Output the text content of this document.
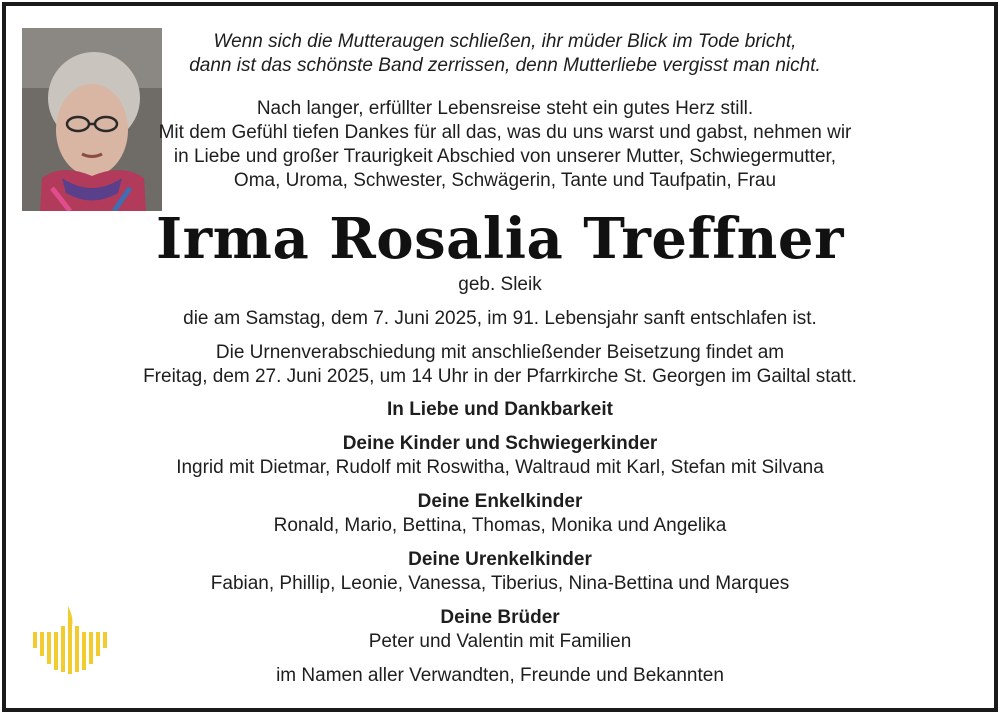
Wenn sich die Mutteraugen schließen, ihr müder Blick im Tode bricht,
dann ist das schönste Band zerrissen, denn Mutterliebe vergisst man nicht.
Nach langer, erfüllter Lebensreise steht ein gutes Herz still.
Mit dem Gefühl tiefen Dankes für all das, was du uns warst und gabst, nehmen wir
in Liebe und großer Traurigkeit Abschied von unserer Mutter, Schwiegermutter,
Oma, Uroma, Schwester, Schwägerin, Tante und Taufpatin, Frau
Irma Rosalia Treffner
geb. Sleik
die am Samstag, dem 7. Juni 2025, im 91. Lebensjahr sanft entschlafen ist.
Die Urnenverabschiedung mit anschließender Beisetzung findet am
Freitag, dem 27. Juni 2025, um 14 Uhr in der Pfarrkirche St. Georgen im Gailtal statt.
In Liebe und Dankbarkeit
Deine Kinder und Schwiegerkinder
Ingrid mit Dietmar, Rudolf mit Roswitha, Waltraud mit Karl, Stefan mit Silvana
Deine Enkelkinder
Ronald, Mario, Bettina, Thomas, Monika und Angelika
Deine Urenkelkinder
Fabian, Phillip, Leonie, Vanessa, Tiberius, Nina-Bettina und Marques
Deine Brüder
Peter und Valentin mit Familien
im Namen aller Verwandten, Freunde und Bekannten
